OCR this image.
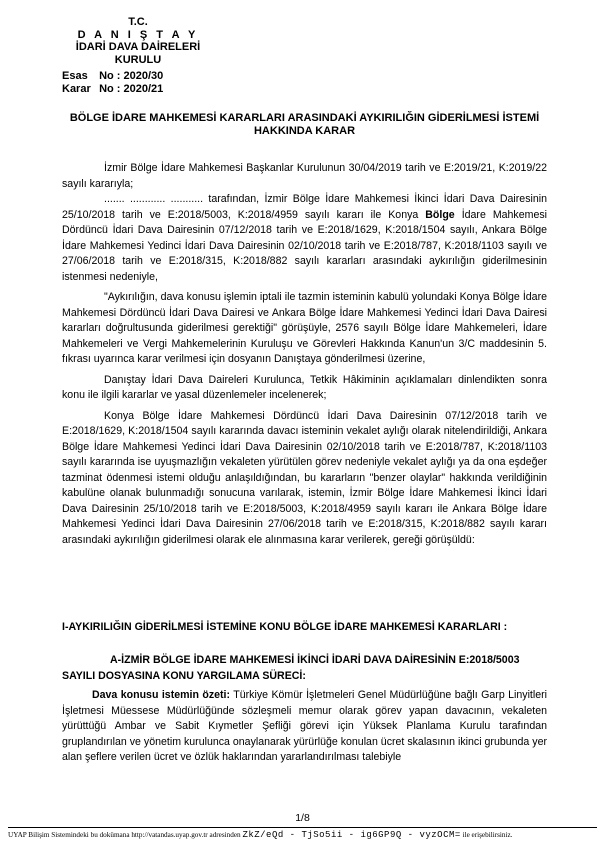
T.C.
D A N I Ş T A Y
İDARİ DAVA DAİRELERİ
KURULU
Esas No : 2020/30
Karar No : 2020/21
BÖLGE İDARE MAHKEMESİ KARARLARI ARASINDAKİ AYKIRILIĞIN GİDERİLMESİ İSTEMİ
HAKKINDA KARAR

İzmir Bölge İdare Mahkemesi Başkanlar Kurulunun 30/04/2019 tarih ve E:2019/21, K:2019/22 sayılı kararıyla;

....... ............ ........... tarafından, İzmir Bölge İdare Mahkemesi İkinci İdari Dava Dairesinin 25/10/2018 tarih ve E:2018/5003, K:2018/4959 sayılı kararı ile Konya Bölge İdare Mahkemesi Dördüncü İdari Dava Dairesinin 07/12/2018 tarih ve E:2018/1629, K:2018/1504 sayılı, Ankara Bölge İdare Mahkemesi Yedinci İdari Dava Dairesinin 02/10/2018 tarih ve E:2018/787, K:2018/1103 sayılı ve 27/06/2018 tarih ve E:2018/315, K:2018/882 sayılı kararları arasındaki aykırılığın giderilmesinin istenmesi nedeniyle,

"Aykırılığın, dava konusu işlemin iptali ile tazmin isteminin kabulü yolundaki Konya Bölge İdare Mahkemesi Dördüncü İdari Dava Dairesi ve Ankara Bölge İdare Mahkemesi Yedinci İdari Dava Dairesi kararları doğrultusunda giderilmesi gerektiği" görüşüyle, 2576 sayılı Bölge İdare Mahkemeleri, İdare Mahkemeleri ve Vergi Mahkemelerinin Kuruluşu ve Görevleri Hakkında Kanun'un 3/C maddesinin 5. fıkrası uyarınca karar verilmesi için dosyanın Danıştaya gönderilmesi üzerine,

Danıştay İdari Dava Daireleri Kurulunca, Tetkik Hâkiminin açıklamaları dinlendikten sonra konu ile ilgili kararlar ve yasal düzenlemeler incelenerek;

Konya Bölge İdare Mahkemesi Dördüncü İdari Dava Dairesinin 07/12/2018 tarih ve E:2018/1629, K:2018/1504 sayılı kararında davacı isteminin vekalet aylığı olarak nitelendirildiği, Ankara Bölge İdare Mahkemesi Yedinci İdari Dava Dairesinin 02/10/2018 tarih ve E:2018/787, K:2018/1103 sayılı kararında ise uyuşmazlığın vekaleten yürütülen görev nedeniyle vekalet aylığı ya da ona eşdeğer tazminat ödenmesi istemi olduğu anlaşıldığından, bu kararların "benzer olaylar" hakkında verildiğinin kabulüne olanak bulunmadığı sonucuna varılarak, istemin, İzmir Bölge İdare Mahkemesi İkinci İdari Dava Dairesinin 25/10/2018 tarih ve E:2018/5003, K:2018/4959 sayılı kararı ile Ankara Bölge İdare Mahkemesi Yedinci İdari Dava Dairesinin 27/06/2018 tarih ve E:2018/315, K:2018/882 sayılı kararı arasındaki aykırılığın giderilmesi olarak ele alınmasına karar verilerek, gereği görüşüldü:

I-AYKIRILIĞIN GİDERİLMESİ İSTEMİNE KONU BÖLGE İDARE MAHKEMESİ KARARLARI :
A-İZMİR BÖLGE İDARE MAHKEMESİ İKİNCİ İDARİ DAVA DAİRESİNİN E:2018/5003
SAYILI DOSYASINA KONU YARGILAMA SÜRECİ:

Dava konusu istemin özeti: Türkiye Kömür İşletmeleri Genel Müdürlüğüne bağlı Garp Linyitleri İşletmesi Müessese Müdürlüğünde sözleşmeli memur olarak görev yapan davacının, vekaleten yürüttüğü Ambar ve Sabit Kıymetler Şefliği görevi için Yüksek Planlama Kurulu tarafından gruplandırılan ve yönetim kurulunca onaylanarak yürürlüğe konulan ücret skalasının ikinci grubunda yer alan şeflere verilen ücret ve özlük haklarından yararlandırılması talebiyle

1/8
UYAP Bilişim Sistemindeki bu dokümana http://vatandas.uyap.gov.tr adresinden ZkZ/eQd - TjSo5ii - ig6GP9Q - vyzOCM= ile erişebilirsiniz.
